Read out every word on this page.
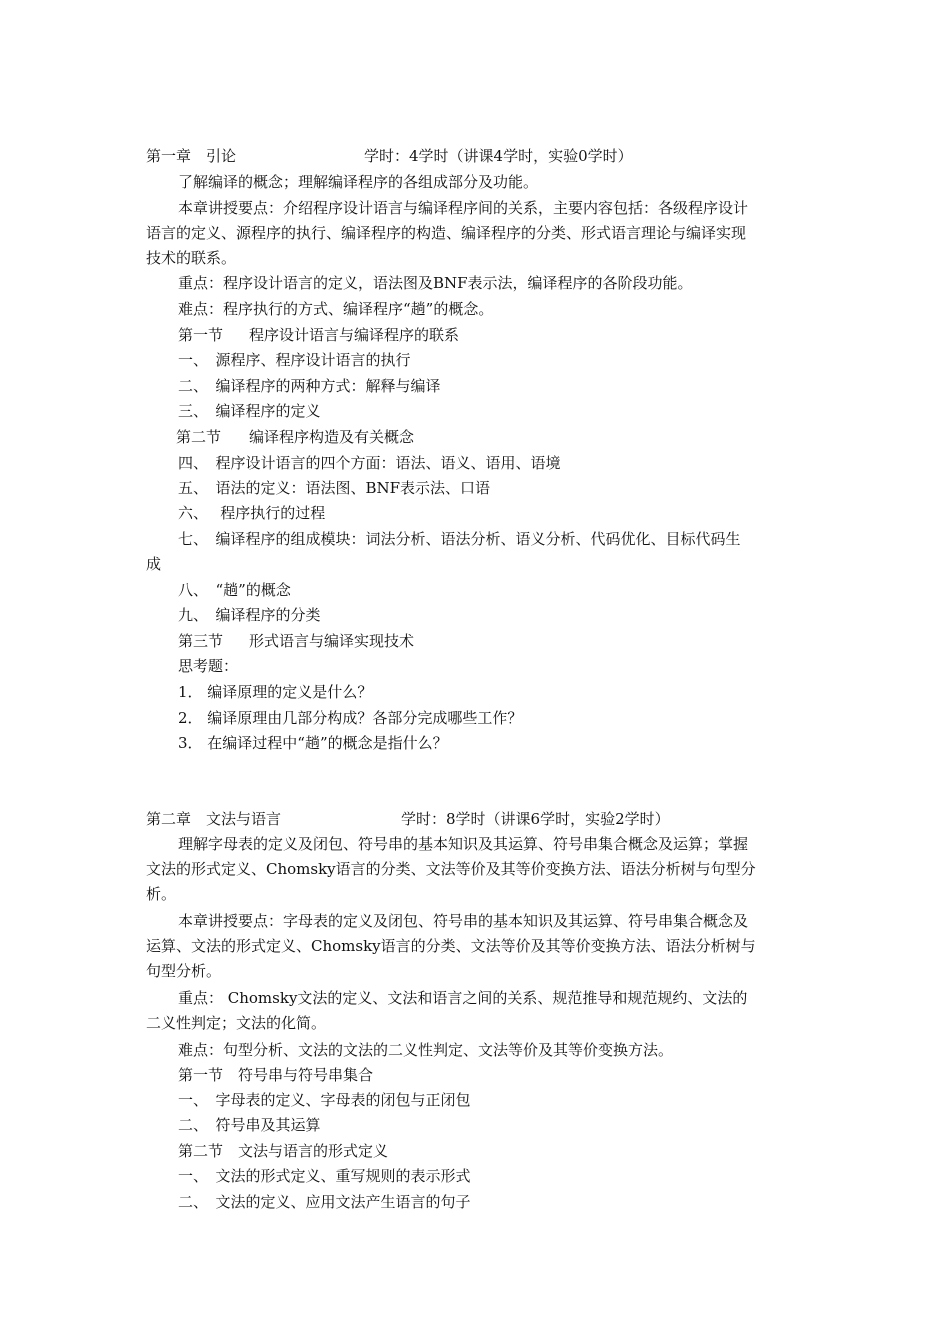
第一章　引论	学时：4学时（讲课4学时，实验0学时）
了解编译的概念；理解编译程序的各组成部分及功能。
本章讲授要点：介绍程序设计语言与编译程序间的关系，主要内容包括：各级程序设计
语言的定义、源程序的执行、编译程序的构造、编译程序的分类、形式语言理论与编译实现
技术的联系。
重点：程序设计语言的定义，语法图及BNF表示法，编译程序的各阶段功能。
难点：程序执行的方式、编译程序“趟”的概念。
第一节 程序设计语言与编译程序的联系
一、　源程序、程序设计语言的执行
二、　编译程序的两种方式：解释与编译
三、　编译程序的定义
第二节 编译程序构造及有关概念
四、　程序设计语言的四个方面：语法、语义、语用、语境
五、　语法的定义：语法图、BNF表示法、口语
六、　 程序执行的过程
七、　编译程序的组成模块：词法分析、语法分析、语义分析、代码优化、目标代码生
成
八、　“趟”的概念
九、　编译程序的分类
第三节 形式语言与编译实现技术
思考题：
1． 编译原理的定义是什么？
2． 编译原理由几部分构成？各部分完成哪些工作？
3． 在编译过程中“趟”的概念是指什么？
第二章　文法与语言	学时：8学时（讲课6学时，实验2学时）
理解字母表的定义及闭包、符号串的基本知识及其运算、符号串集合概念及运算；掌握
文法的形式定义、Chomsky语言的分类、文法等价及其等价变换方法、语法分析树与句型分
析。
本章讲授要点：字母表的定义及闭包、符号串的基本知识及其运算、符号串集合概念及
运算、文法的形式定义、Chomsky语言的分类、文法等价及其等价变换方法、语法分析树与
句型分析。
重点： Chomsky文法的定义、文法和语言之间的关系、规范推导和规范规约、文法的
二义性判定；文法的化简。
难点：句型分析、文法的文法的二义性判定、文法等价及其等价变换方法。
第一节　符号串与符号串集合
一、　字母表的定义、字母表的闭包与正闭包
二、　符号串及其运算
第二节　文法与语言的形式定义
一、　文法的形式定义、重写规则的表示形式
二、　文法的定义、应用文法产生语言的句子
